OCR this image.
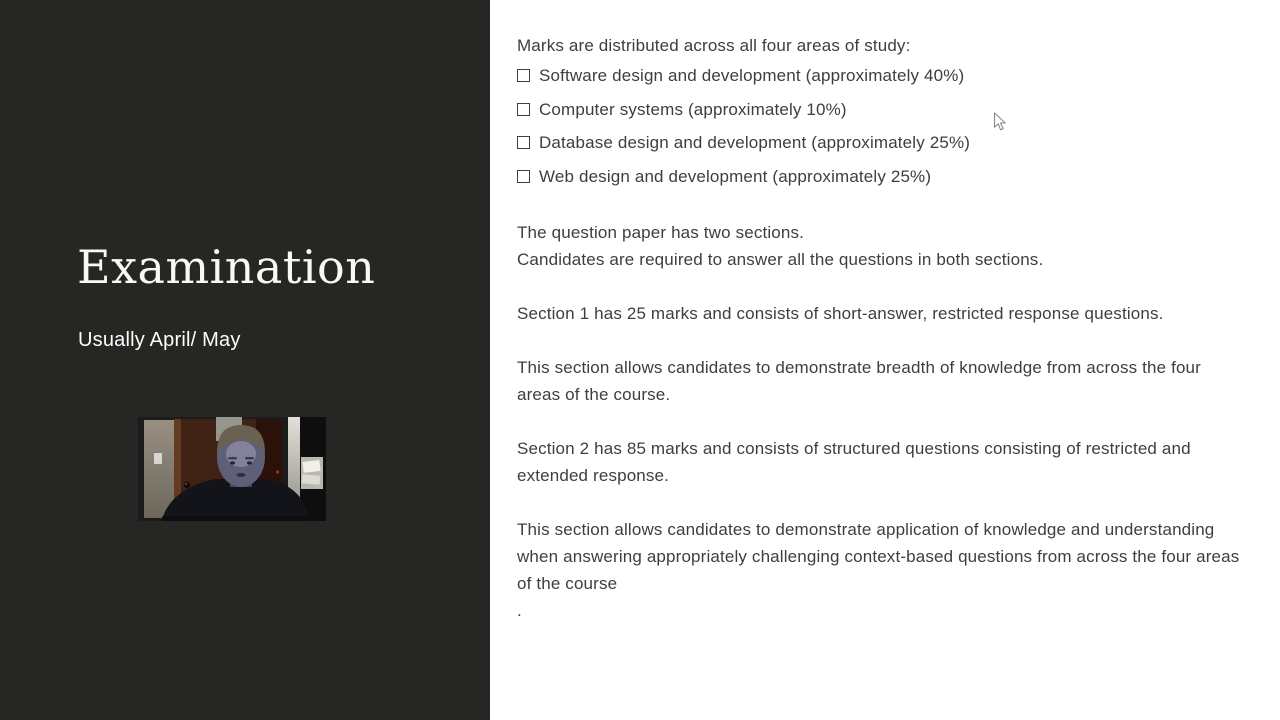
Examination
Usually April/ May
Marks are distributed across all four areas of study:
Software design and development (approximately 40%)
Computer systems (approximately 10%)
Database design and development (approximately 25%)
Web design and development (approximately 25%)
The question paper has two sections.
Candidates are required to answer all the questions in both sections.
Section 1 has 25 marks and consists of short-answer, restricted response questions.
This section allows candidates to demonstrate breadth of knowledge from across the four
areas of the course.
Section 2 has 85 marks and consists of structured questions consisting of restricted and
extended response.
This section allows candidates to demonstrate application of knowledge and understanding
when answering appropriately challenging context-based questions from across the four areas
of the course
.
